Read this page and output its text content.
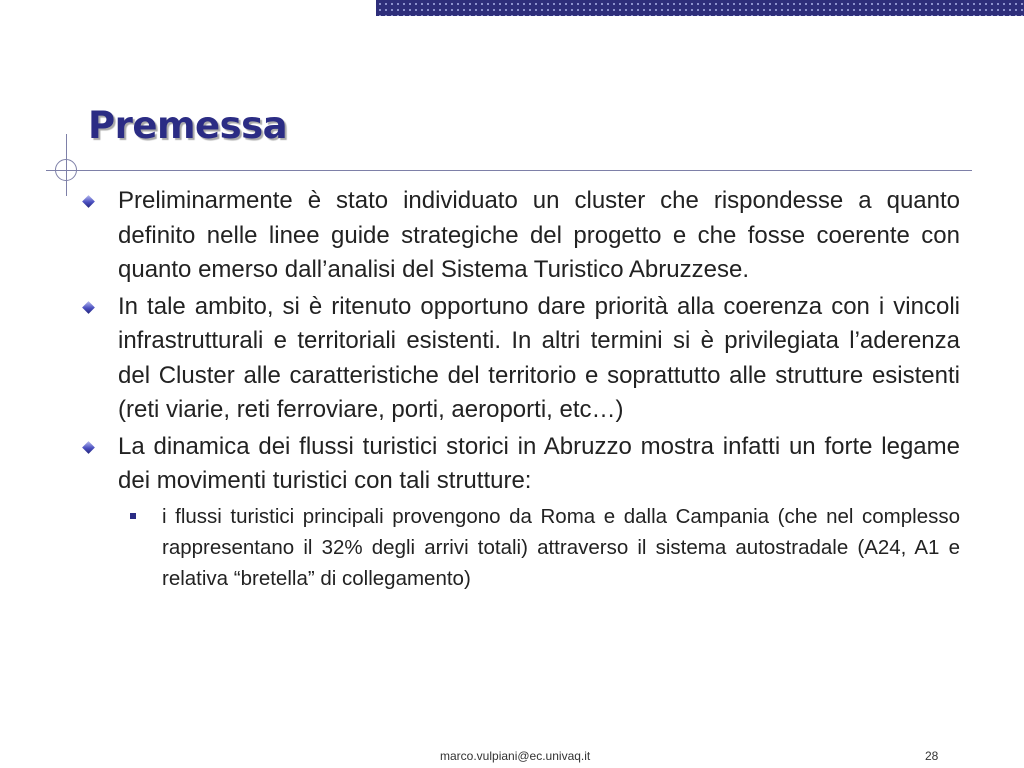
Premessa
Preliminarmente è stato individuato un cluster che rispondesse a quanto definito nelle linee guide strategiche del progetto e che fosse coerente con quanto emerso dall’analisi del Sistema Turistico Abruzzese.
In tale ambito, si è ritenuto opportuno dare priorità alla coerenza con i vincoli infrastrutturali e territoriali esistenti. In altri termini si è privilegiata l’aderenza del Cluster alle caratteristiche del territorio e soprattutto alle strutture esistenti (reti viarie, reti ferroviare, porti, aeroporti, etc…)
La dinamica dei flussi turistici storici in Abruzzo mostra infatti un forte legame dei movimenti turistici con tali strutture:
i flussi turistici principali provengono da Roma e dalla Campania (che nel complesso rappresentano il 32% degli arrivi totali) attraverso il sistema autostradale (A24, A1 e relativa “bretella” di collegamento)
marco.vulpiani@ec.univaq.it	28
